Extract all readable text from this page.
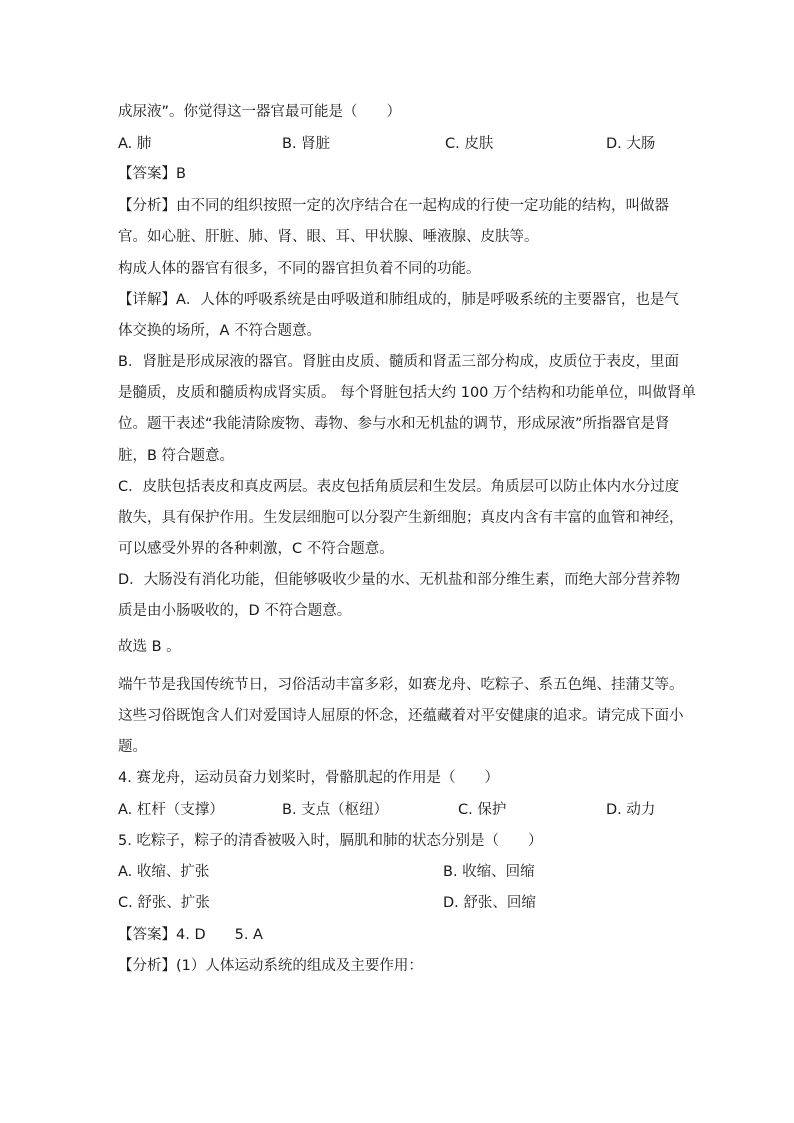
成尿液”。你觉得这一器官最可能是（　　）
A. 肺	B. 肾脏	C. 皮肤	D. 大肠
【答案】B
【分析】由不同的组织按照一定的次序结合在一起构成的行使一定功能的结构，叫做器
官。如心脏、肝脏、肺、肾、眼、耳、甲状腺、唾液腺、皮肤等。
构成人体的器官有很多，不同的器官担负着不同的功能。
【详解】A．人体的呼吸系统是由呼吸道和肺组成的，肺是呼吸系统的主要器官，也是气
体交换的场所，A 不符合题意。
B．肾脏是形成尿液的器官。肾脏由皮质、髓质和肾盂三部分构成，皮质位于表皮，里面
是髓质，皮质和髓质构成肾实质。 每个肾脏包括大约 100 万个结构和功能单位，叫做肾单
位。题干表述“我能清除废物、毒物、参与水和无机盐的调节，形成尿液”所指器官是肾
脏，B 符合题意。
C．皮肤包括表皮和真皮两层。表皮包括角质层和生发层。角质层可以防止体内水分过度
散失，具有保护作用。生发层细胞可以分裂产生新细胞；真皮内含有丰富的血管和神经，
可以感受外界的各种刺激，C 不符合题意。
D．大肠没有消化功能，但能够吸收少量的水、无机盐和部分维生素，而绝大部分营养物
质是由小肠吸收的，D 不符合题意。
故选 B 。
端午节是我国传统节日，习俗活动丰富多彩，如赛龙舟、吃粽子、系五色绳、挂蒲艾等。
这些习俗既饱含人们对爱国诗人屈原的怀念，还蕴藏着对平安健康的追求。请完成下面小
题。
4. 赛龙舟，运动员奋力划桨时，骨骼肌起的作用是（　　）
A. 杠杆（支撑）	B. 支点（枢纽）	C. 保护	D. 动力
5. 吃粽子，粽子的清香被吸入时，膈肌和肺的状态分别是（　　）
A. 收缩、扩张	B. 收缩、回缩
C. 舒张、扩张	D. 舒张、回缩
【答案】4. D　　5. A
【分析】(1）人体运动系统的组成及主要作用：
